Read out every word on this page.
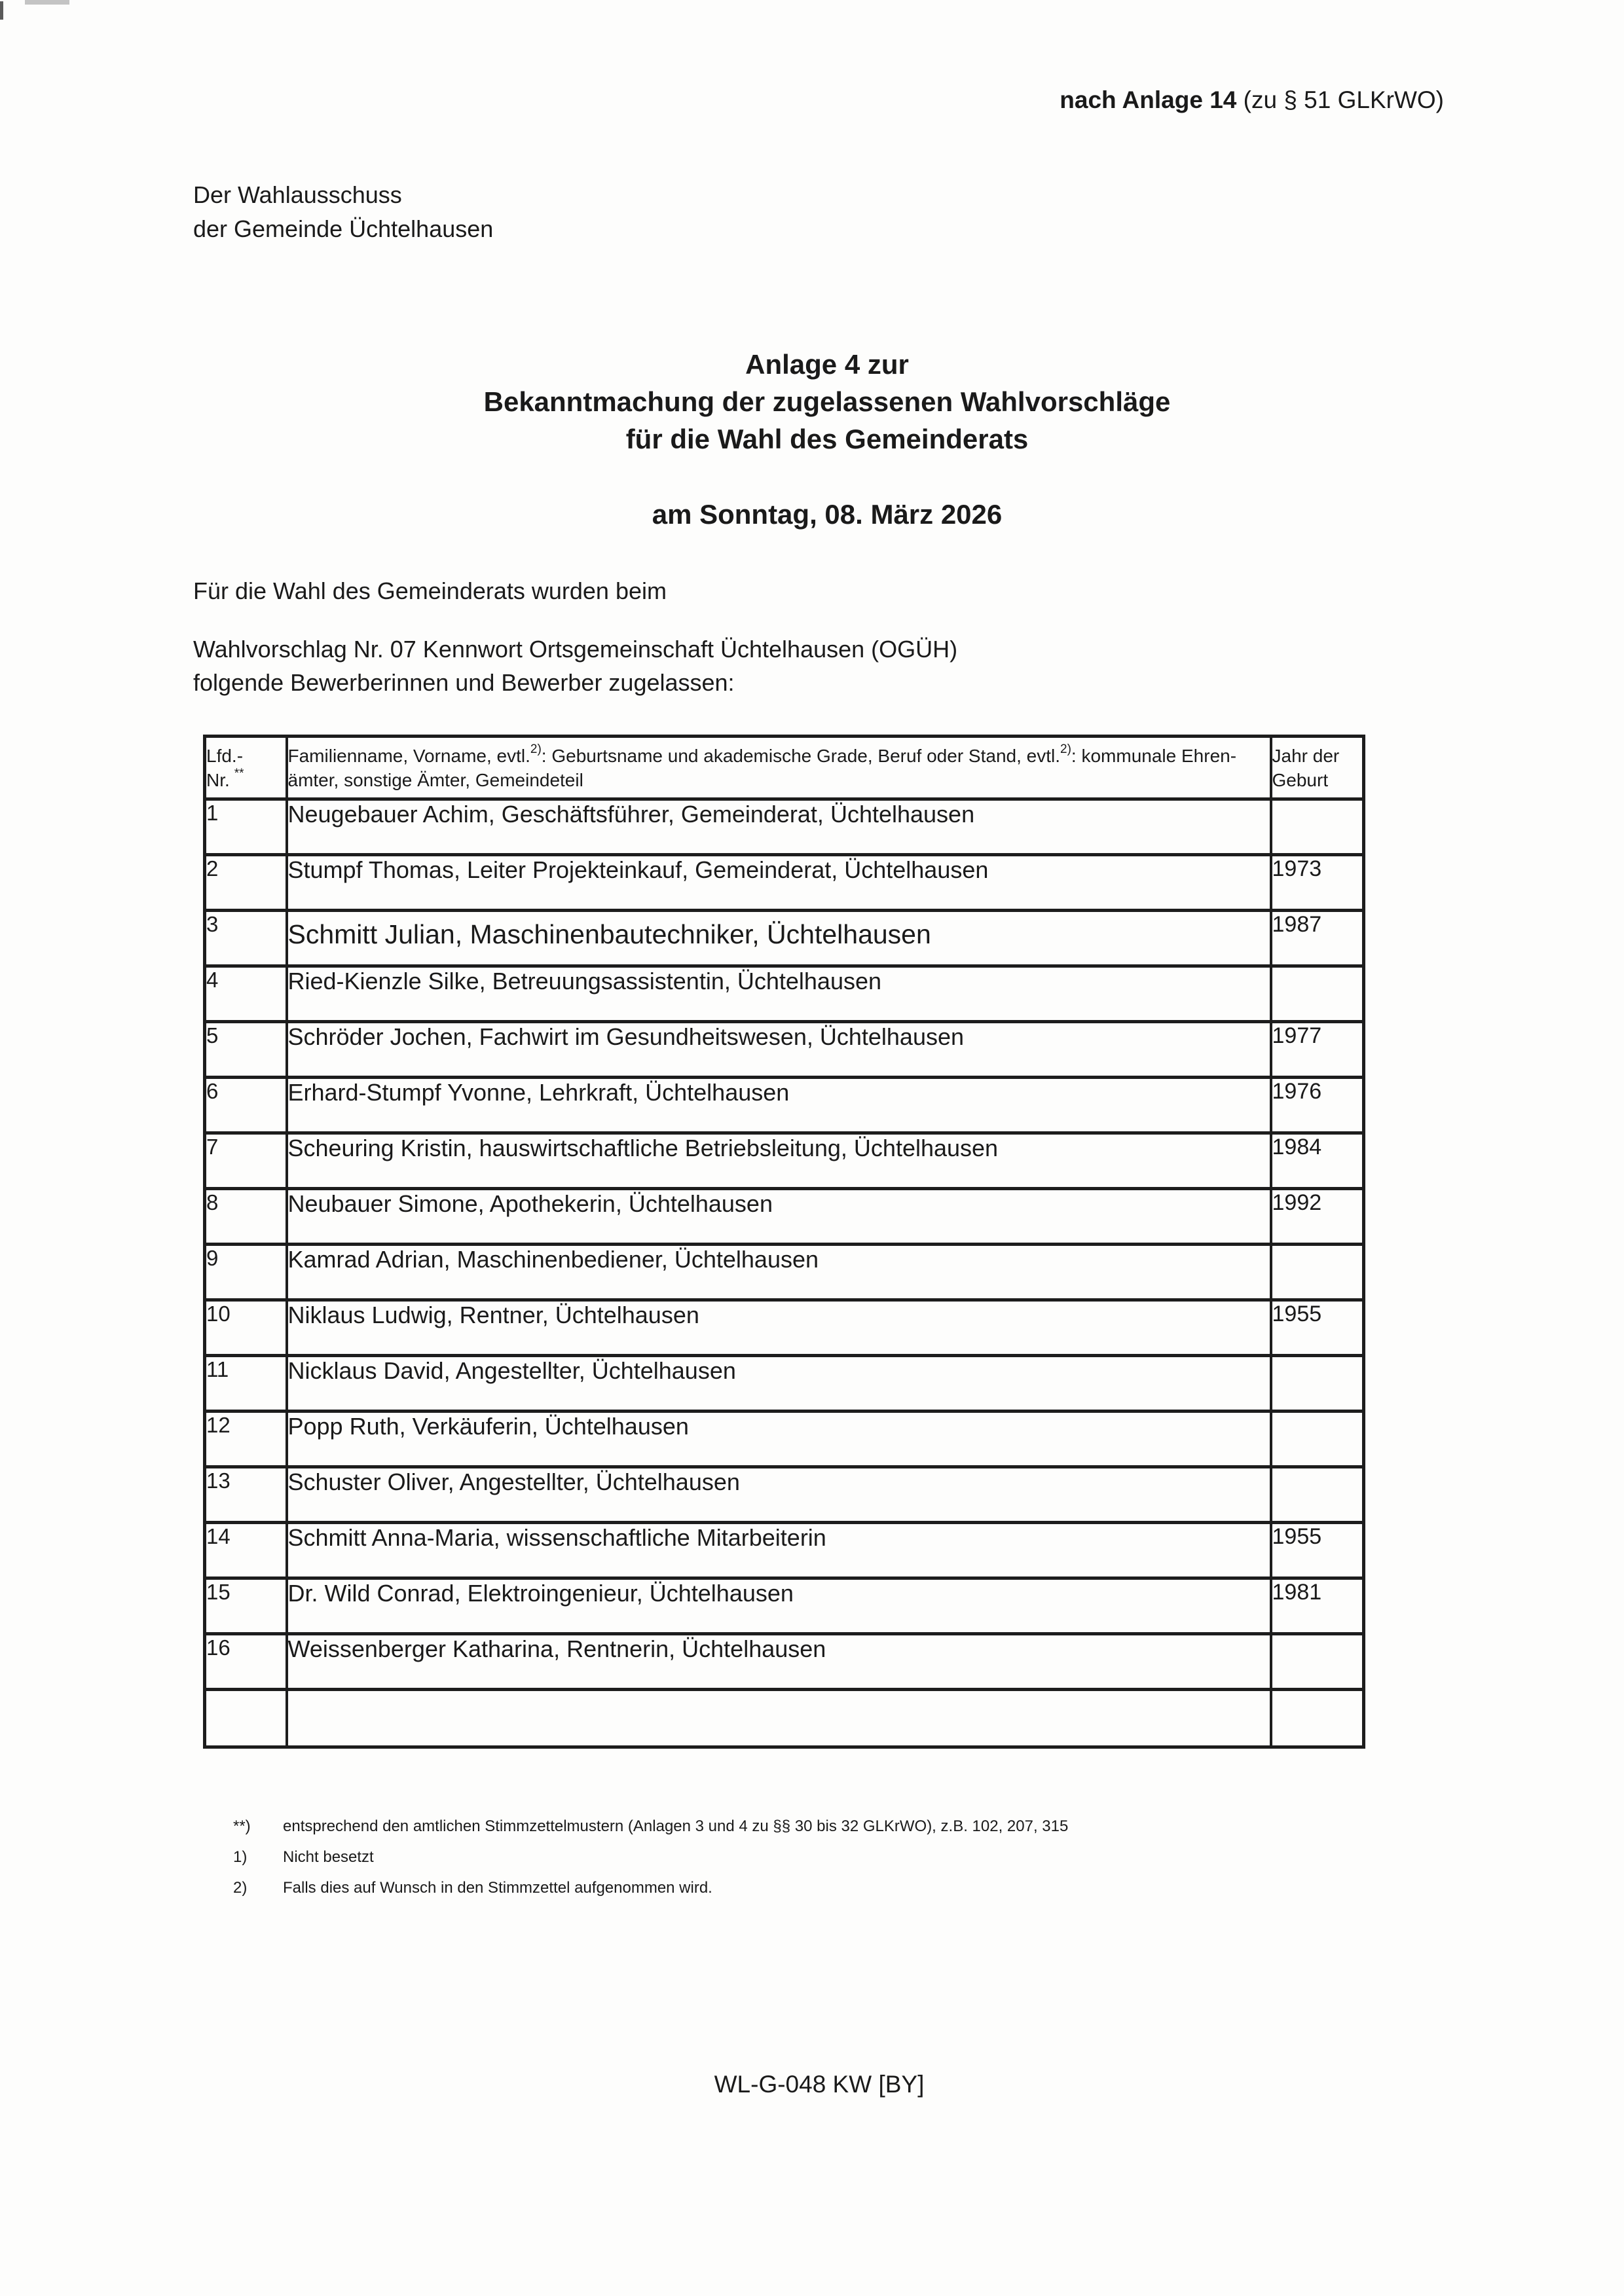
nach Anlage 14 (zu § 51 GLKrWO)
Der Wahlausschuss
der Gemeinde Üchtelhausen
Anlage 4 zur
Bekanntmachung der zugelassenen Wahlvorschläge
für die Wahl des Gemeinderats
am Sonntag, 08. März 2026
Für die Wahl des Gemeinderats wurden beim
Wahlvorschlag Nr. 07 Kennwort Ortsgemeinschaft Üchtelhausen (OGÜH)
folgende Bewerberinnen und Bewerber zugelassen:
Lfd.-
Nr. **	Familienname, Vorname, evtl.$^{2)}$: Geburtsname und akademische Grade, Beruf oder Stand, evtl.$^{2)}$: kommunale Ehren-
ämter, sonstige Ämter, Gemeindeteil	Jahr der
Geburt
1	Neugebauer Achim, Geschäftsführer, Gemeinderat, Üchtelhausen	
2	Stumpf Thomas, Leiter Projekteinkauf, Gemeinderat, Üchtelhausen	1973
3	Schmitt Julian, Maschinenbautechniker, Üchtelhausen	1987
4	Ried-Kienzle Silke, Betreuungsassistentin, Üchtelhausen	
5	Schröder Jochen, Fachwirt im Gesundheitswesen, Üchtelhausen	1977
6	Erhard-Stumpf Yvonne, Lehrkraft, Üchtelhausen	1976
7	Scheuring Kristin, hauswirtschaftliche Betriebsleitung, Üchtelhausen	1984
8	Neubauer Simone, Apothekerin, Üchtelhausen	1992
9	Kamrad Adrian, Maschinenbediener, Üchtelhausen	
10	Niklaus Ludwig, Rentner, Üchtelhausen	1955
11	Nicklaus David, Angestellter, Üchtelhausen	
12	Popp Ruth, Verkäuferin, Üchtelhausen	
13	Schuster Oliver, Angestellter, Üchtelhausen	
14	Schmitt Anna-Maria, wissenschaftliche Mitarbeiterin	1955
15	Dr. Wild Conrad, Elektroingenieur, Üchtelhausen	1981
16	Weissenberger Katharina, Rentnerin, Üchtelhausen	

**)	entsprechend den amtlichen Stimmzettelmustern (Anlagen 3 und 4 zu §§ 30 bis 32 GLKrWO), z.B. 102, 207, 315
1)	Nicht besetzt
2)	Falls dies auf Wunsch in den Stimmzettel aufgenommen wird.
WL-G-048 KW [BY]
